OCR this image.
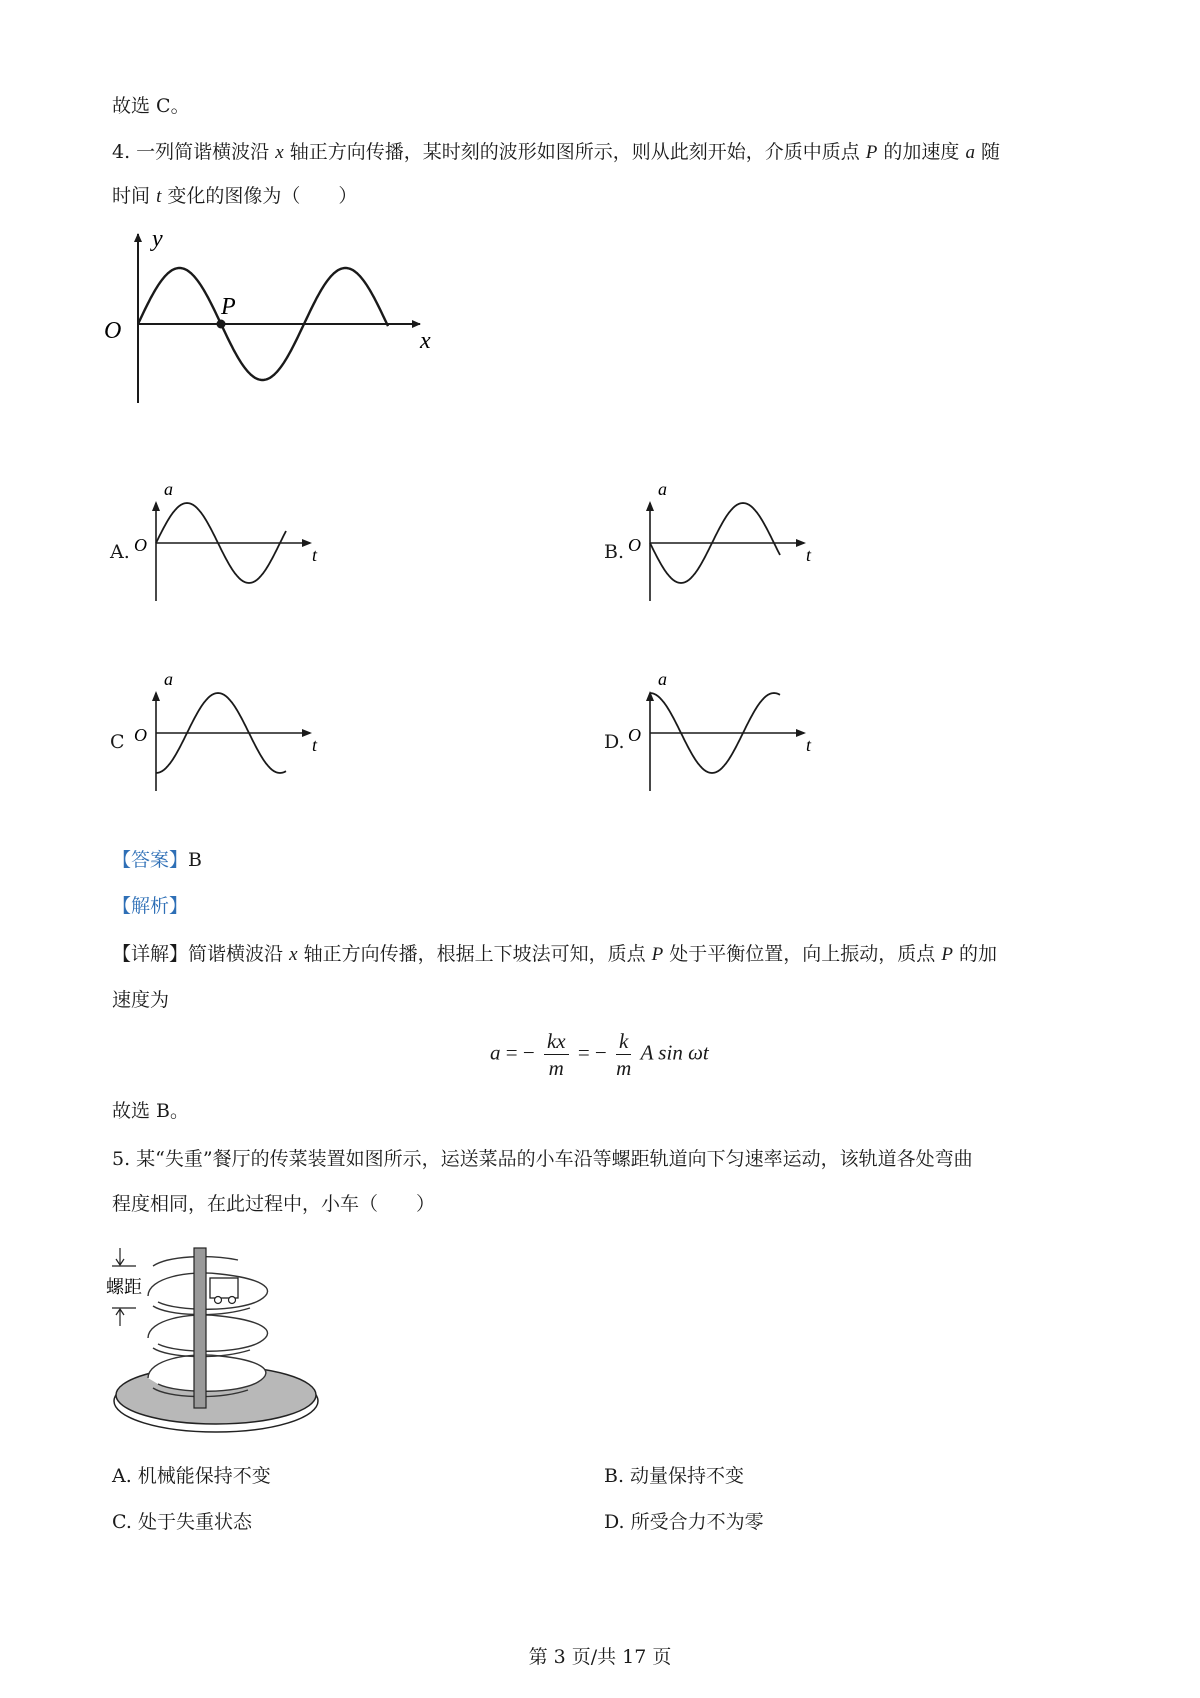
故选 C。
4. 一列简谐横波沿 x 轴正方向传播，某时刻的波形如图所示，则从此刻开始，介质中质点 P 的加速度 a 随
时间 t 变化的图像为（　　）
y
O	x
P
A.
a
O	t	B.
a
O	t
C
a
O	t	D.
a
O	t
【答案】B
【解析】
【详解】简谐横波沿 x 轴正方向传播，根据上下坡法可知，质点 P 处于平衡位置，向上振动，质点 P 的加
速度为
a = − $\frac{kx}{m}$ = − $\frac{k}{m}$ A sin ωt
故选 B。
5. 某“失重”餐厅的传菜装置如图所示，运送菜品的小车沿等螺距轨道向下匀速率运动，该轨道各处弯曲
程度相同，在此过程中，小车（　　）
螺距
A. 机械能保持不变	B. 动量保持不变
C. 处于失重状态	D. 所受合力不为零
第 3 页/共 17 页
